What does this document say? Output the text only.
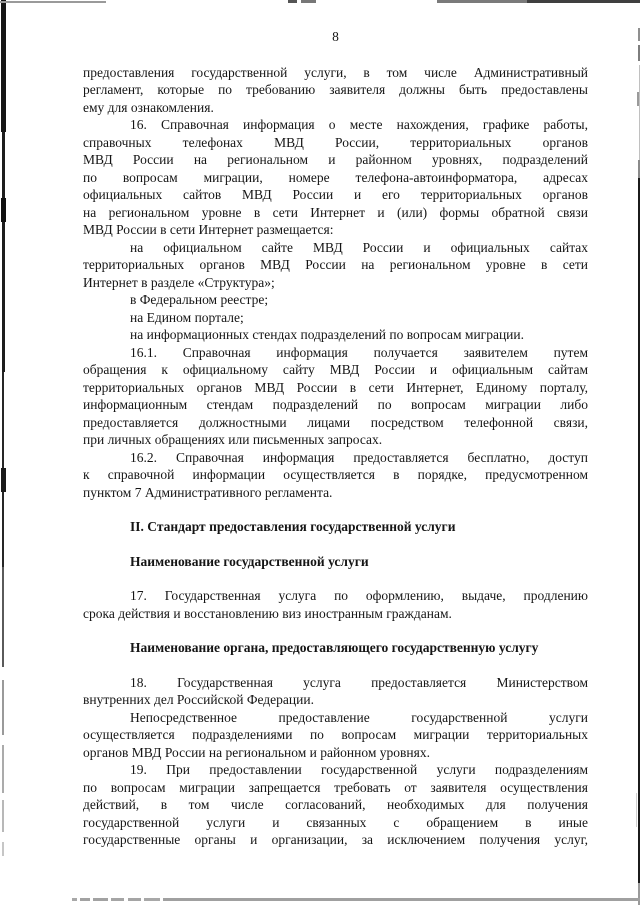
8

предоставления государственной услуги, в том числе Административный
регламент, которые по требованию заявителя должны быть предоставлены
ему для ознакомления.

16. Справочная информация о месте нахождения, графике работы,
справочных телефонах МВД России, территориальных органов
МВД России на региональном и районном уровнях, подразделений
по вопросам миграции, номере телефона-автоинформатора, адресах
официальных сайтов МВД России и его территориальных органов
на региональном уровне в сети Интернет и (или) формы обратной связи
МВД России в сети Интернет размещается:

на официальном сайте МВД России и официальных сайтах
территориальных органов МВД России на региональном уровне в сети
Интернет в разделе «Структура»;

в Федеральном реестре;

на Едином портале;

на информационных стендах подразделений по вопросам миграции.

16.1. Справочная информация получается заявителем путем
обращения к официальному сайту МВД России и официальным сайтам
территориальных органов МВД России в сети Интернет, Единому порталу,
информационным стендам подразделений по вопросам миграции либо
предоставляется должностными лицами посредством телефонной связи,
при личных обращениях или письменных запросах.

16.2. Справочная информация предоставляется бесплатно, доступ
к справочной информации осуществляется в порядке, предусмотренном
пунктом 7 Административного регламента.

II. Стандарт предоставления государственной услуги
Наименование государственной услуги

17. Государственная услуга по оформлению, выдаче, продлению
срока действия и восстановлению виз иностранным гражданам.

Наименование органа, предоставляющего государственную услугу

18. Государственная услуга предоставляется Министерством
внутренних дел Российской Федерации.

Непосредственное предоставление государственной услуги
осуществляется подразделениями по вопросам миграции территориальных
органов МВД России на региональном и районном уровнях.

19. При предоставлении государственной услуги подразделениям
по вопросам миграции запрещается требовать от заявителя осуществления
действий, в том числе согласований, необходимых для получения
государственной услуги и связанных с обращением в иные
государственные органы и организации, за исключением получения услуг,
